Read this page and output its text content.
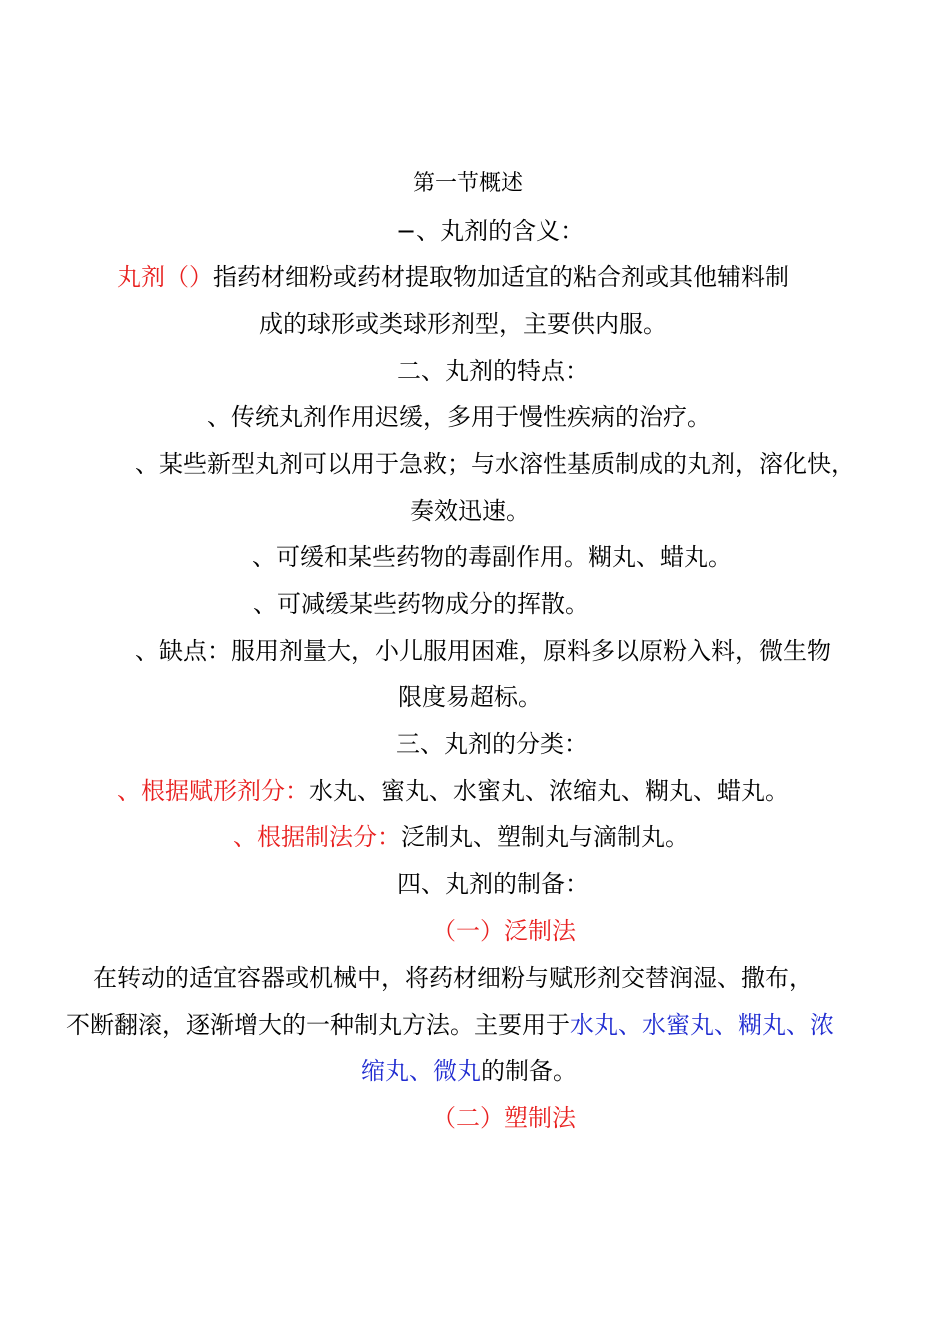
第一节概述
−、丸剂的含义：
丸剂（）指药材细粉或药材提取物加适宜的粘合剂或其他辅料制
成的球形或类球形剂型，主要供内服。
二、丸剂的特点：
、传统丸剂作用迟缓，多用于慢性疾病的治疗。
、某些新型丸剂可以用于急救；与水溶性基质制成的丸剂，溶化快，
奏效迅速。
、可缓和某些药物的毒副作用。糊丸、蜡丸。
、可减缓某些药物成分的挥散。
、缺点：服用剂量大，小儿服用困难，原料多以原粉入料，微生物
限度易超标。
三、丸剂的分类：
、根据赋形剂分：水丸、蜜丸、水蜜丸、浓缩丸、糊丸、蜡丸。
、根据制法分：泛制丸、塑制丸与滴制丸。
四、丸剂的制备：
（一）泛制法
在转动的适宜容器或机械中，将药材细粉与赋形剂交替润湿、撒布，
不断翻滚，逐渐增大的一种制丸方法。主要用于水丸、水蜜丸、糊丸、浓
缩丸、微丸的制备。
（二）塑制法
